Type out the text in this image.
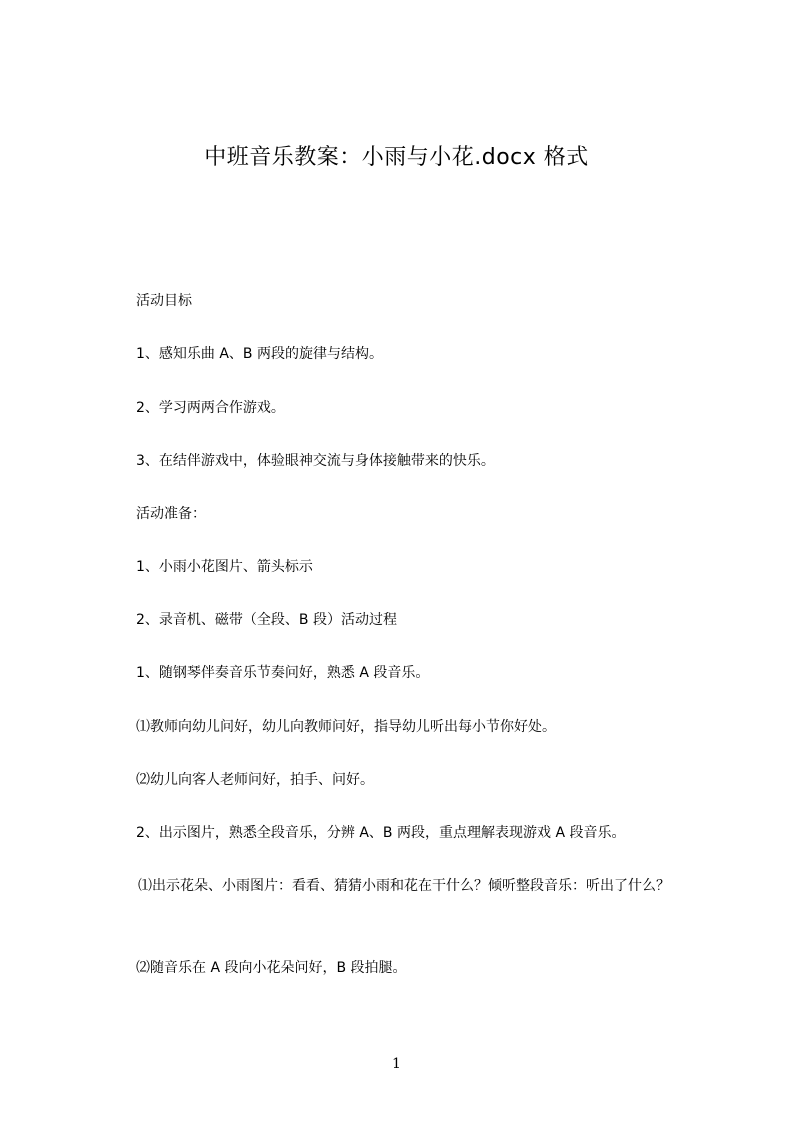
中班音乐教案：小雨与小花.docx 格式
活动目标
1、感知乐曲 A、B 两段的旋律与结构。
2、学习两两合作游戏。
3、在结伴游戏中，体验眼神交流与身体接触带来的快乐。
活动准备：
1、小雨小花图片、箭头标示
2、录音机、磁带（全段、B 段）活动过程
1、随钢琴伴奏音乐节奏问好，熟悉 A 段音乐。
⑴教师向幼儿问好，幼儿向教师问好，指导幼儿听出每小节你好处。
⑵幼儿向客人老师问好，拍手、问好。
2、出示图片，熟悉全段音乐，分辨 A、B 两段，重点理解表现游戏 A 段音乐。
⑴出示花朵、小雨图片：看看、猜猜小雨和花在干什么？倾听整段音乐：听出了什么？
⑵随音乐在 A 段向小花朵问好，B 段拍腿。
1
